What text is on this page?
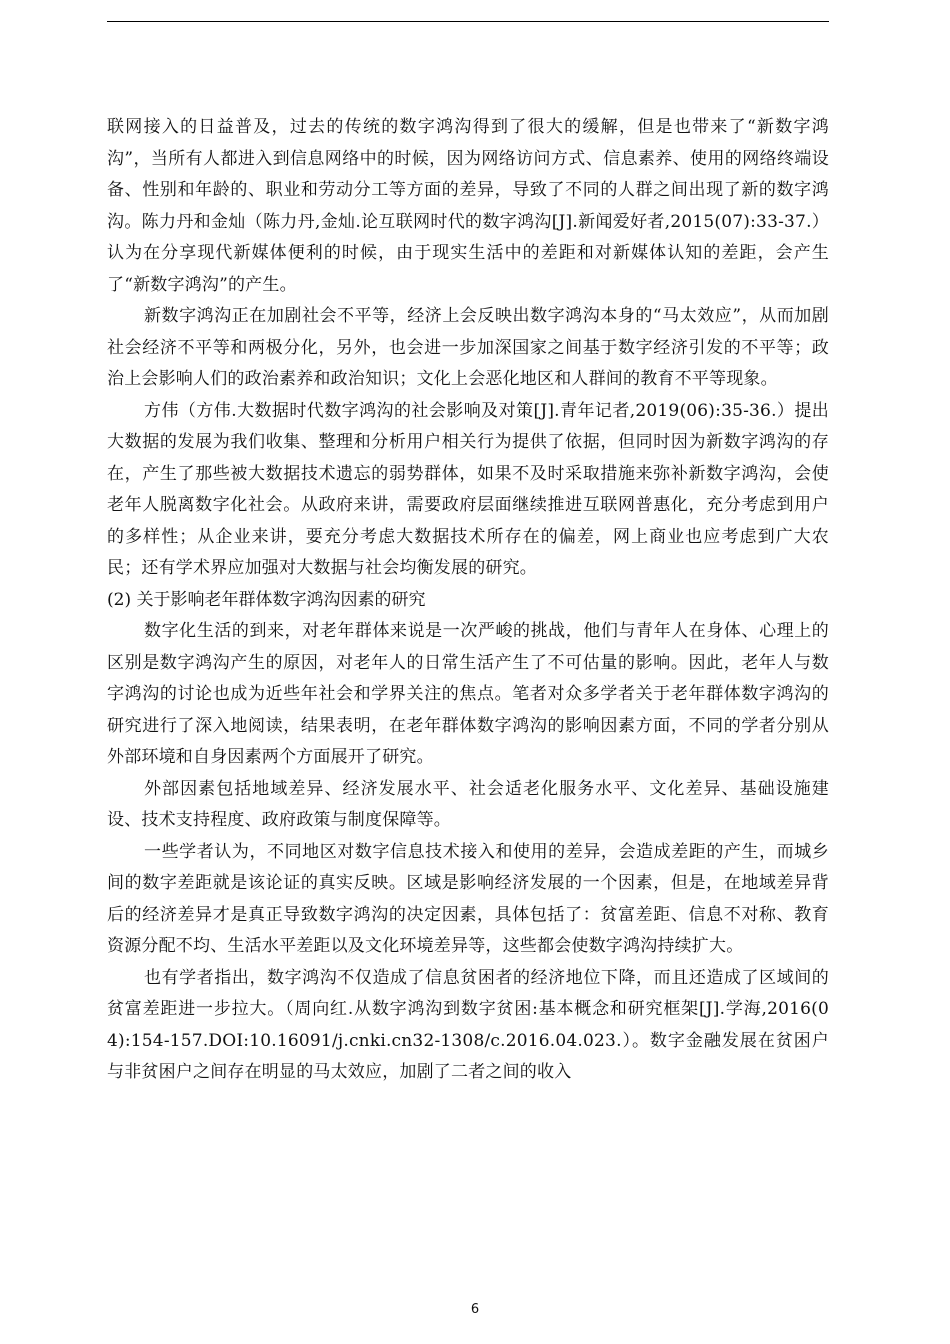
联网接入的日益普及，过去的传统的数字鸿沟得到了很大的缓解，但是也带来了“新数字鸿沟”，当所有人都进入到信息网络中的时候，因为网络访问方式、信息素养、使用的网络终端设备、性别和年龄的、职业和劳动分工等方面的差异，导致了不同的人群之间出现了新的数字鸿沟。陈力丹和金灿（陈力丹,金灿.论互联网时代的数字鸿沟[J].新闻爱好者,2015(07):33-37.）认为在分享现代新媒体便利的时候，由于现实生活中的差距和对新媒体认知的差距，会产生了“新数字鸿沟”的产生。

新数字鸿沟正在加剧社会不平等，经济上会反映出数字鸿沟本身的“马太效应”，从而加剧社会经济不平等和两极分化，另外，也会进一步加深国家之间基于数字经济引发的不平等；政治上会影响人们的政治素养和政治知识；文化上会恶化地区和人群间的教育不平等现象。

方伟（方伟.大数据时代数字鸿沟的社会影响及对策[J].青年记者,2019(06):35-36.）提出大数据的发展为我们收集、整理和分析用户相关行为提供了依据，但同时因为新数字鸿沟的存在，产生了那些被大数据技术遗忘的弱势群体，如果不及时采取措施来弥补新数字鸿沟，会使老年人脱离数字化社会。从政府来讲，需要政府层面继续推进互联网普惠化，充分考虑到用户的多样性；从企业来讲，要充分考虑大数据技术所存在的偏差，网上商业也应考虑到广大农民；还有学术界应加强对大数据与社会均衡发展的研究。

(2) 关于影响老年群体数字鸿沟因素的研究

数字化生活的到来，对老年群体来说是一次严峻的挑战，他们与青年人在身体、心理上的区别是数字鸿沟产生的原因，对老年人的日常生活产生了不可估量的影响。因此，老年人与数字鸿沟的讨论也成为近些年社会和学界关注的焦点。笔者对众多学者关于老年群体数字鸿沟的研究进行了深入地阅读，结果表明，在老年群体数字鸿沟的影响因素方面，不同的学者分别从外部环境和自身因素两个方面展开了研究。

外部因素包括地域差异、经济发展水平、社会适老化服务水平、文化差异、基础设施建设、技术支持程度、政府政策与制度保障等。

一些学者认为，不同地区对数字信息技术接入和使用的差异，会造成差距的产生，而城乡间的数字差距就是该论证的真实反映。区域是影响经济发展的一个因素，但是，在地域差异背后的经济差异才是真正导致数字鸿沟的决定因素，具体包括了：贫富差距、信息不对称、教育资源分配不均、生活水平差距以及文化环境差异等，这些都会使数字鸿沟持续扩大。

也有学者指出，数字鸿沟不仅造成了信息贫困者的经济地位下降，而且还造成了区域间的贫富差距进一步拉大。（周向红.从数字鸿沟到数字贫困:基本概念和研究框架[J].学海,2016(04):154-157.DOI:10.16091/j.cnki.cn32-1308/c.2016.04.023.）。数字金融发展在贫困户与非贫困户之间存在明显的马太效应，加剧了二者之间的收入

6
